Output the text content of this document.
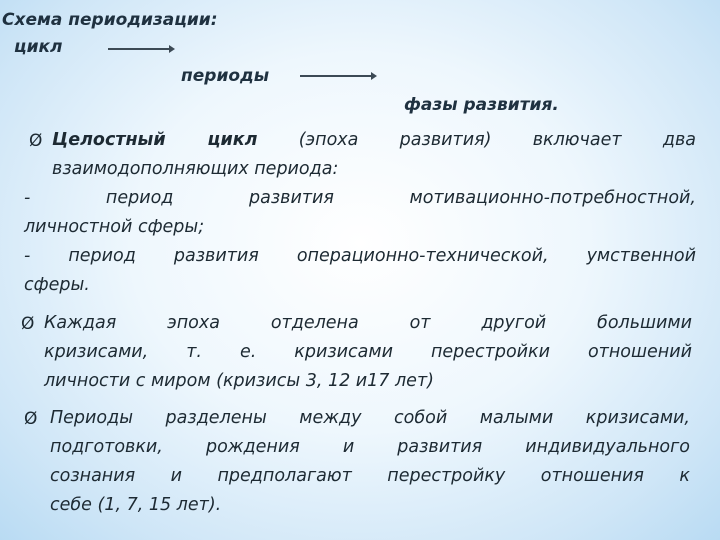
Схема периодизации:
цикл
периоды
фазы развития.
Ø Целостный цикл (эпоха развития) включает два
взаимодополняющих периода:
- период развития мотивационно-потребностной,
личностной сферы;
- период развития операционно-технической, умственной
сферы.
Ø Каждая эпоха отделена от другой большими
кризисами, т. е. кризисами перестройки отношений
личности с миром (кризисы 3, 12 и17 лет)
Ø Периоды разделены между собой малыми кризисами,
подготовки, рождения и развития индивидуального
сознания и предполагают перестройку отношения к
себе (1, 7, 15 лет).
